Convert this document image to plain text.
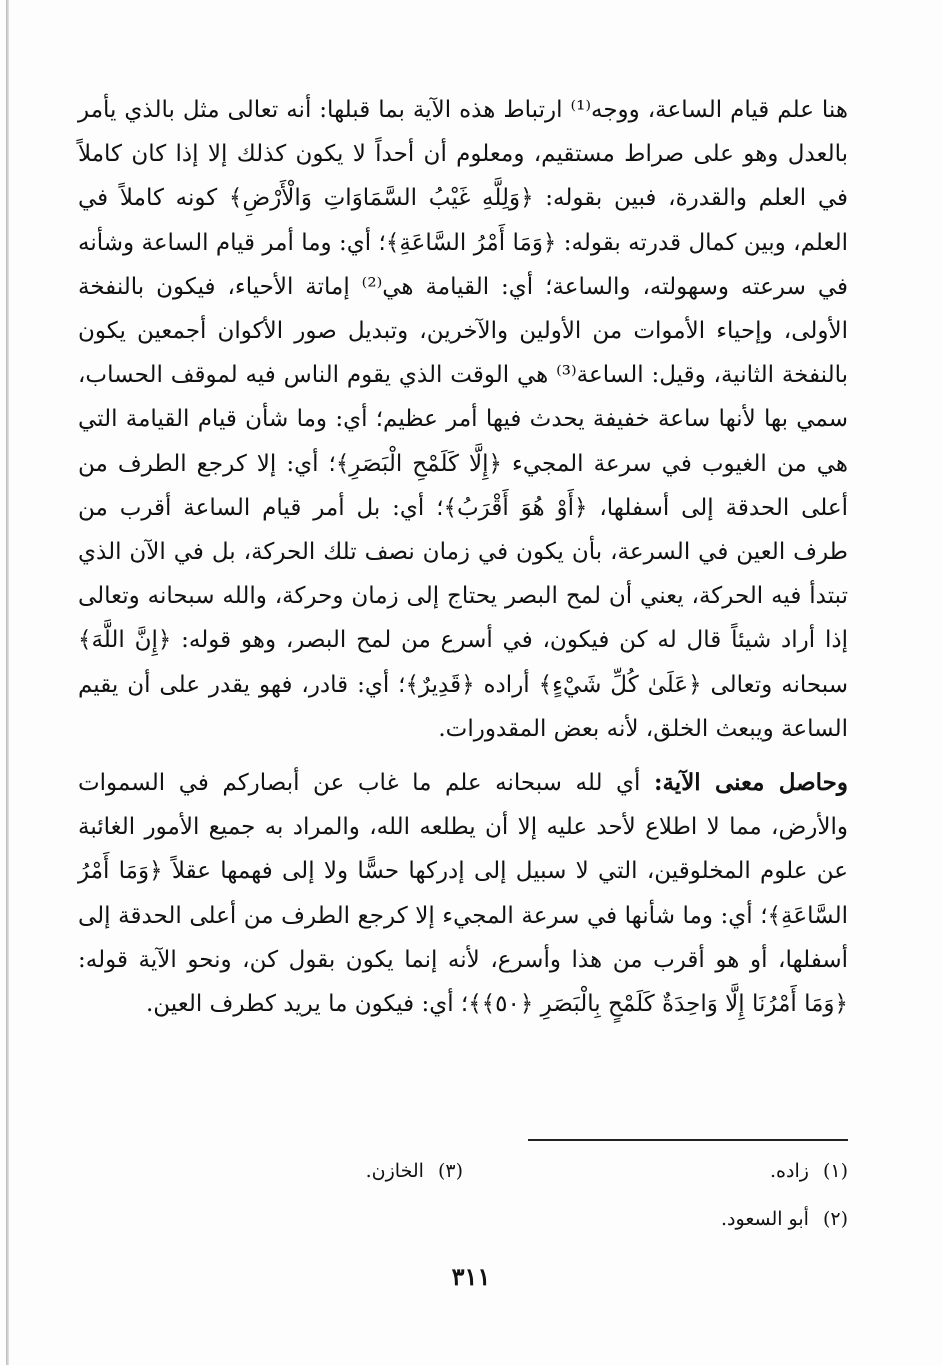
هنا علم قيام الساعة، ووجه⁽¹⁾ ارتباط هذه الآية بما قبلها: أنه تعالى مثل بالذي يأمر بالعدل وهو على صراط مستقيم، ومعلوم أن أحداً لا يكون كذلك إلا إذا كان كاملاً في العلم والقدرة، فبين بقوله: ﴿وَلِلَّهِ غَيْبُ السَّمَاوَاتِ وَالْأَرْضِ﴾ كونه كاملاً في العلم، وبين كمال قدرته بقوله: ﴿وَمَا أَمْرُ السَّاعَةِ﴾؛ أي: وما أمر قيام الساعة وشأنه في سرعته وسهولته، والساعة؛ أي: القيامة هي⁽²⁾ إماتة الأحياء، فيكون بالنفخة الأولى، وإحياء الأموات من الأولين والآخرين، وتبديل صور الأكوان أجمعين يكون بالنفخة الثانية، وقيل: الساعة⁽³⁾ هي الوقت الذي يقوم الناس فيه لموقف الحساب، سمي بها لأنها ساعة خفيفة يحدث فيها أمر عظيم؛ أي: وما شأن قيام القيامة التي هي من الغيوب في سرعة المجيء ﴿إِلَّا كَلَمْحِ الْبَصَرِ﴾؛ أي: إلا كرجع الطرف من أعلى الحدقة إلى أسفلها، ﴿أَوْ هُوَ أَقْرَبُ﴾؛ أي: بل أمر قيام الساعة أقرب من طرف العين في السرعة، بأن يكون في زمان نصف تلك الحركة، بل في الآن الذي تبتدأ فيه الحركة، يعني أن لمح البصر يحتاج إلى زمان وحركة، والله سبحانه وتعالى إذا أراد شيئاً قال له كن فيكون، في أسرع من لمح البصر، وهو قوله: ﴿إِنَّ اللَّهَ﴾ سبحانه وتعالى ﴿عَلَىٰ كُلِّ شَيْءٍ﴾ أراده ﴿قَدِيرٌ﴾؛ أي: قادر، فهو يقدر على أن يقيم الساعة ويبعث الخلق، لأنه بعض المقدورات.

وحاصل معنى الآية: أي لله سبحانه علم ما غاب عن أبصاركم في السموات والأرض، مما لا اطلاع لأحد عليه إلا أن يطلعه الله، والمراد به جميع الأمور الغائبة عن علوم المخلوقين، التي لا سبيل إلى إدركها حسًّا ولا إلى فهمها عقلاً ﴿وَمَا أَمْرُ السَّاعَةِ﴾؛ أي: وما شأنها في سرعة المجيء إلا كرجع الطرف من أعلى الحدقة إلى أسفلها، أو هو أقرب من هذا وأسرع، لأنه إنما يكون بقول كن، ونحو الآية قوله: ﴿وَمَا أَمْرُنَا إِلَّا وَاحِدَةٌ كَلَمْحٍ بِالْبَصَرِ ﴿٥٠﴾﴾؛ أي: فيكون ما يريد كطرف العين.

(١)زاده.
(٣)الخازن.
(٢)أبو السعود.
٣١١
